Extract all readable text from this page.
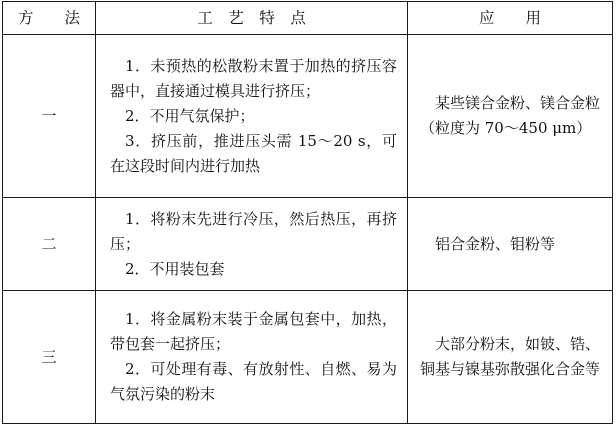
方　　法	工　艺　特　点	应　　用
一	1．未预热的松散粉末置于加热的挤压容器中，直接通过模具进行挤压；
2．不用气氛保护；
3．挤压前，推进压头需 15～20 s，可在这段时间内进行加热	某些镁合金粉、镁合金粒（粒度为 70～450 μm）

二	1．将粉末先进行冷压，然后热压，再挤压；
2．不用装包套	铝合金粉、钼粉等

三	1．将金属粉末装于金属包套中，加热，带包套一起挤压；
2．可处理有毒、有放射性、自燃、易为气氛污染的粉末	大部分粉末，如铍、锆、铜基与镍基弥散强化合金等
